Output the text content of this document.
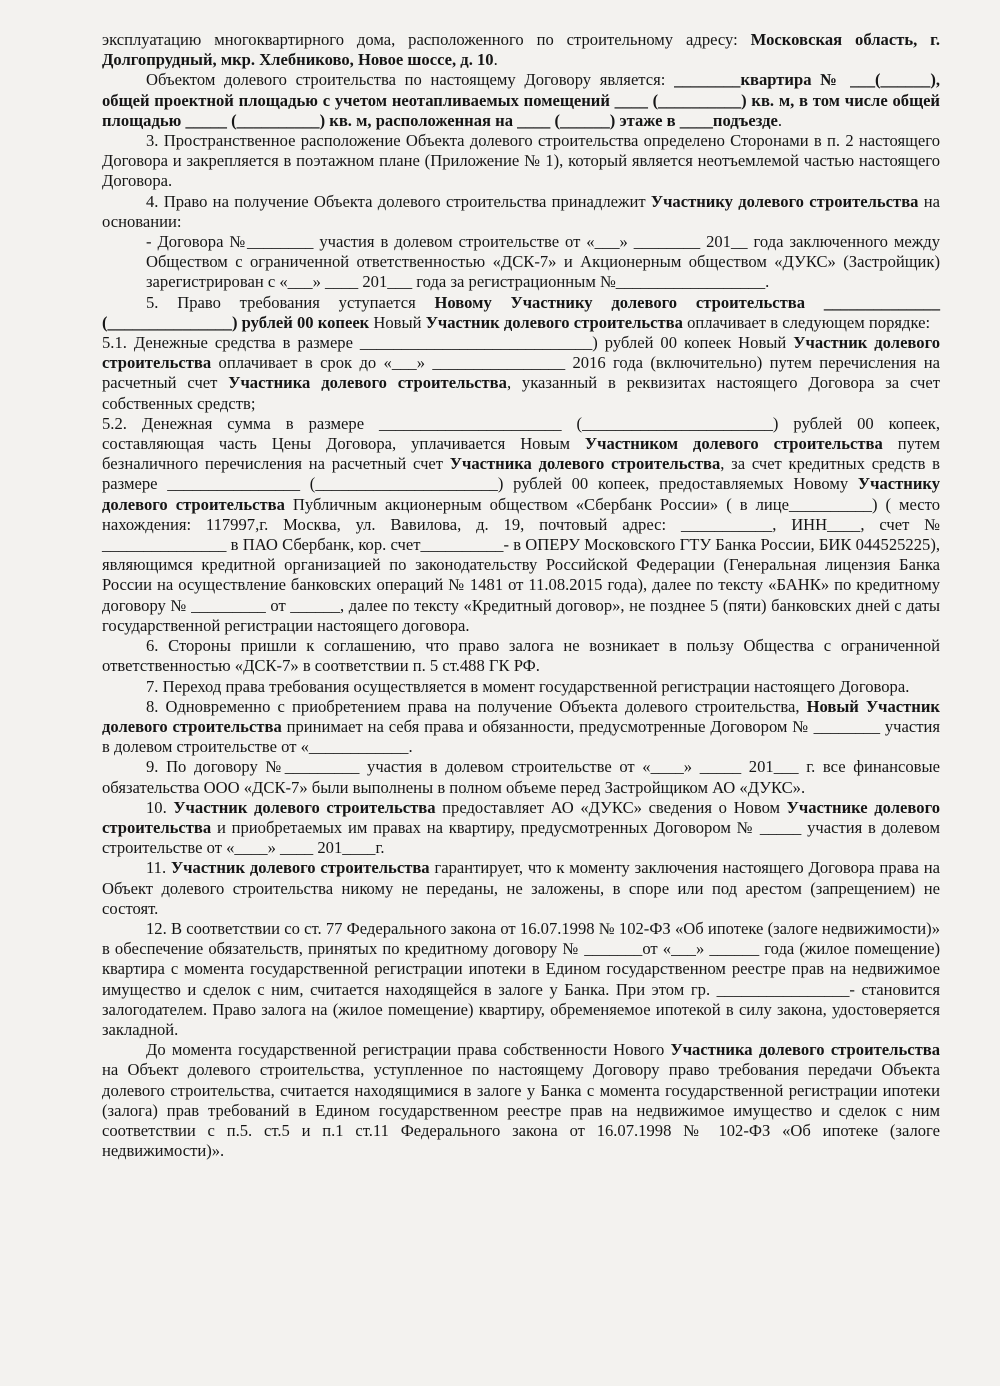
эксплуатацию многоквартирного дома, расположенного по строительному адресу: Московская область, г. Долгопрудный, мкр. Хлебниково, Новое шоссе, д. 10.

Объектом долевого строительства по настоящему Договору является: ________квартира № ___(______), общей проектной площадью с учетом неотапливаемых помещений ____ (__________) кв. м, в том числе общей площадью _____ (__________) кв. м, расположенная на ____ (______) этаже в ____подъезде.

3. Пространственное расположение Объекта долевого строительства определено Сторонами в п. 2 настоящего Договора и закрепляется в поэтажном плане (Приложение № 1), который является неотъемлемой частью настоящего Договора.

4. Право на получение Объекта долевого строительства принадлежит Участнику долевого строительства на основании:

- Договора №________ участия в долевом строительстве от «___» ________ 201__ года заключенного между Обществом с ограниченной ответственностью «ДСК-7» и Акционерным обществом «ДУКС» (Застройщик) зарегистрирован с «___» ____ 201___ года за регистрационным №__________________.

5. Право требования уступается Новому Участнику долевого строительства ______________ (_______________) рублей 00 копеек Новый Участник долевого строительства оплачивает в следующем порядке:

5.1. Денежные средства в размере ____________________________) рублей 00 копеек Новый Участник долевого строительства оплачивает в срок до «___» ________________ 2016 года (включительно) путем перечисления на расчетный счет Участника долевого строительства, указанный в реквизитах настоящего Договора за счет собственных средств;

5.2. Денежная сумма в размере ______________________ (_______________________) рублей 00 копеек, составляющая часть Цены Договора, уплачивается Новым Участником долевого строительства путем безналичного перечисления на расчетный счет Участника долевого строительства, за счет кредитных средств в размере ________________ (______________________) рублей 00 копеек, предоставляемых Новому Участнику долевого строительства Публичным акционерным обществом «Сбербанк России» ( в лице__________) ( место нахождения: 117997,г. Москва, ул. Вавилова, д. 19, почтовый адрес: ___________, ИНН____, счет № _______________ в ПАО Сбербанк, кор. счет__________- в ОПЕРУ Московского ГТУ Банка России, БИК 044525225), являющимся кредитной организацией по законодательству Российской Федерации (Генеральная лицензия Банка России на осуществление банковских операций № 1481 от 11.08.2015 года), далее по тексту «БАНК» по кредитному договору № _________ от ______, далее по тексту «Кредитный договор», не позднее 5 (пяти) банковских дней с даты государственной регистрации настоящего договора.

6. Стороны пришли к соглашению, что право залога не возникает в пользу Общества с ограниченной ответственностью «ДСК-7» в соответствии п. 5 ст.488 ГК РФ.

7. Переход права требования осуществляется в момент государственной регистрации настоящего Договора.

8. Одновременно с приобретением права на получение Объекта долевого строительства, Новый Участник долевого строительства принимает на себя права и обязанности, предусмотренные Договором № ________ участия в долевом строительстве от «____________.

9. По договору №_________ участия в долевом строительстве от «____» _____ 201___ г. все финансовые обязательства ООО «ДСК-7» были выполнены в полном объеме перед Застройщиком АО «ДУКС».

10. Участник долевого строительства предоставляет АО «ДУКС» сведения о Новом Участнике долевого строительства и приобретаемых им правах на квартиру, предусмотренных Договором № _____ участия в долевом строительстве от «____» ____ 201____г.

11. Участник долевого строительства гарантирует, что к моменту заключения настоящего Договора права на Объект долевого строительства никому не переданы, не заложены, в споре или под арестом (запрещением) не состоят.

12. В соответствии со ст. 77 Федерального закона от 16.07.1998 № 102-ФЗ «Об ипотеке (залоге недвижимости)» в обеспечение обязательств, принятых по кредитному договору № _______от «___» ______ года (жилое помещение) квартира с момента государственной регистрации ипотеки в Едином государственном реестре прав на недвижимое имущество и сделок с ним, считается находящейся в залоге у Банка. При этом гр. ________________- становится залогодателем. Право залога на (жилое помещение) квартиру, обременяемое ипотекой в силу закона, удостоверяется закладной.

До момента государственной регистрации права собственности Нового Участника долевого строительства на Объект долевого строительства, уступленное по настоящему Договору право требования передачи Объекта долевого строительства, считается находящимися в залоге у Банка с момента государственной регистрации ипотеки (залога) прав требований в Едином государственном реестре прав на недвижимое имущество и сделок с ним соответствии с п.5. ст.5 и п.1 ст.11 Федерального закона от 16.07.1998 № 102-ФЗ «Об ипотеке (залоге недвижимости)».
